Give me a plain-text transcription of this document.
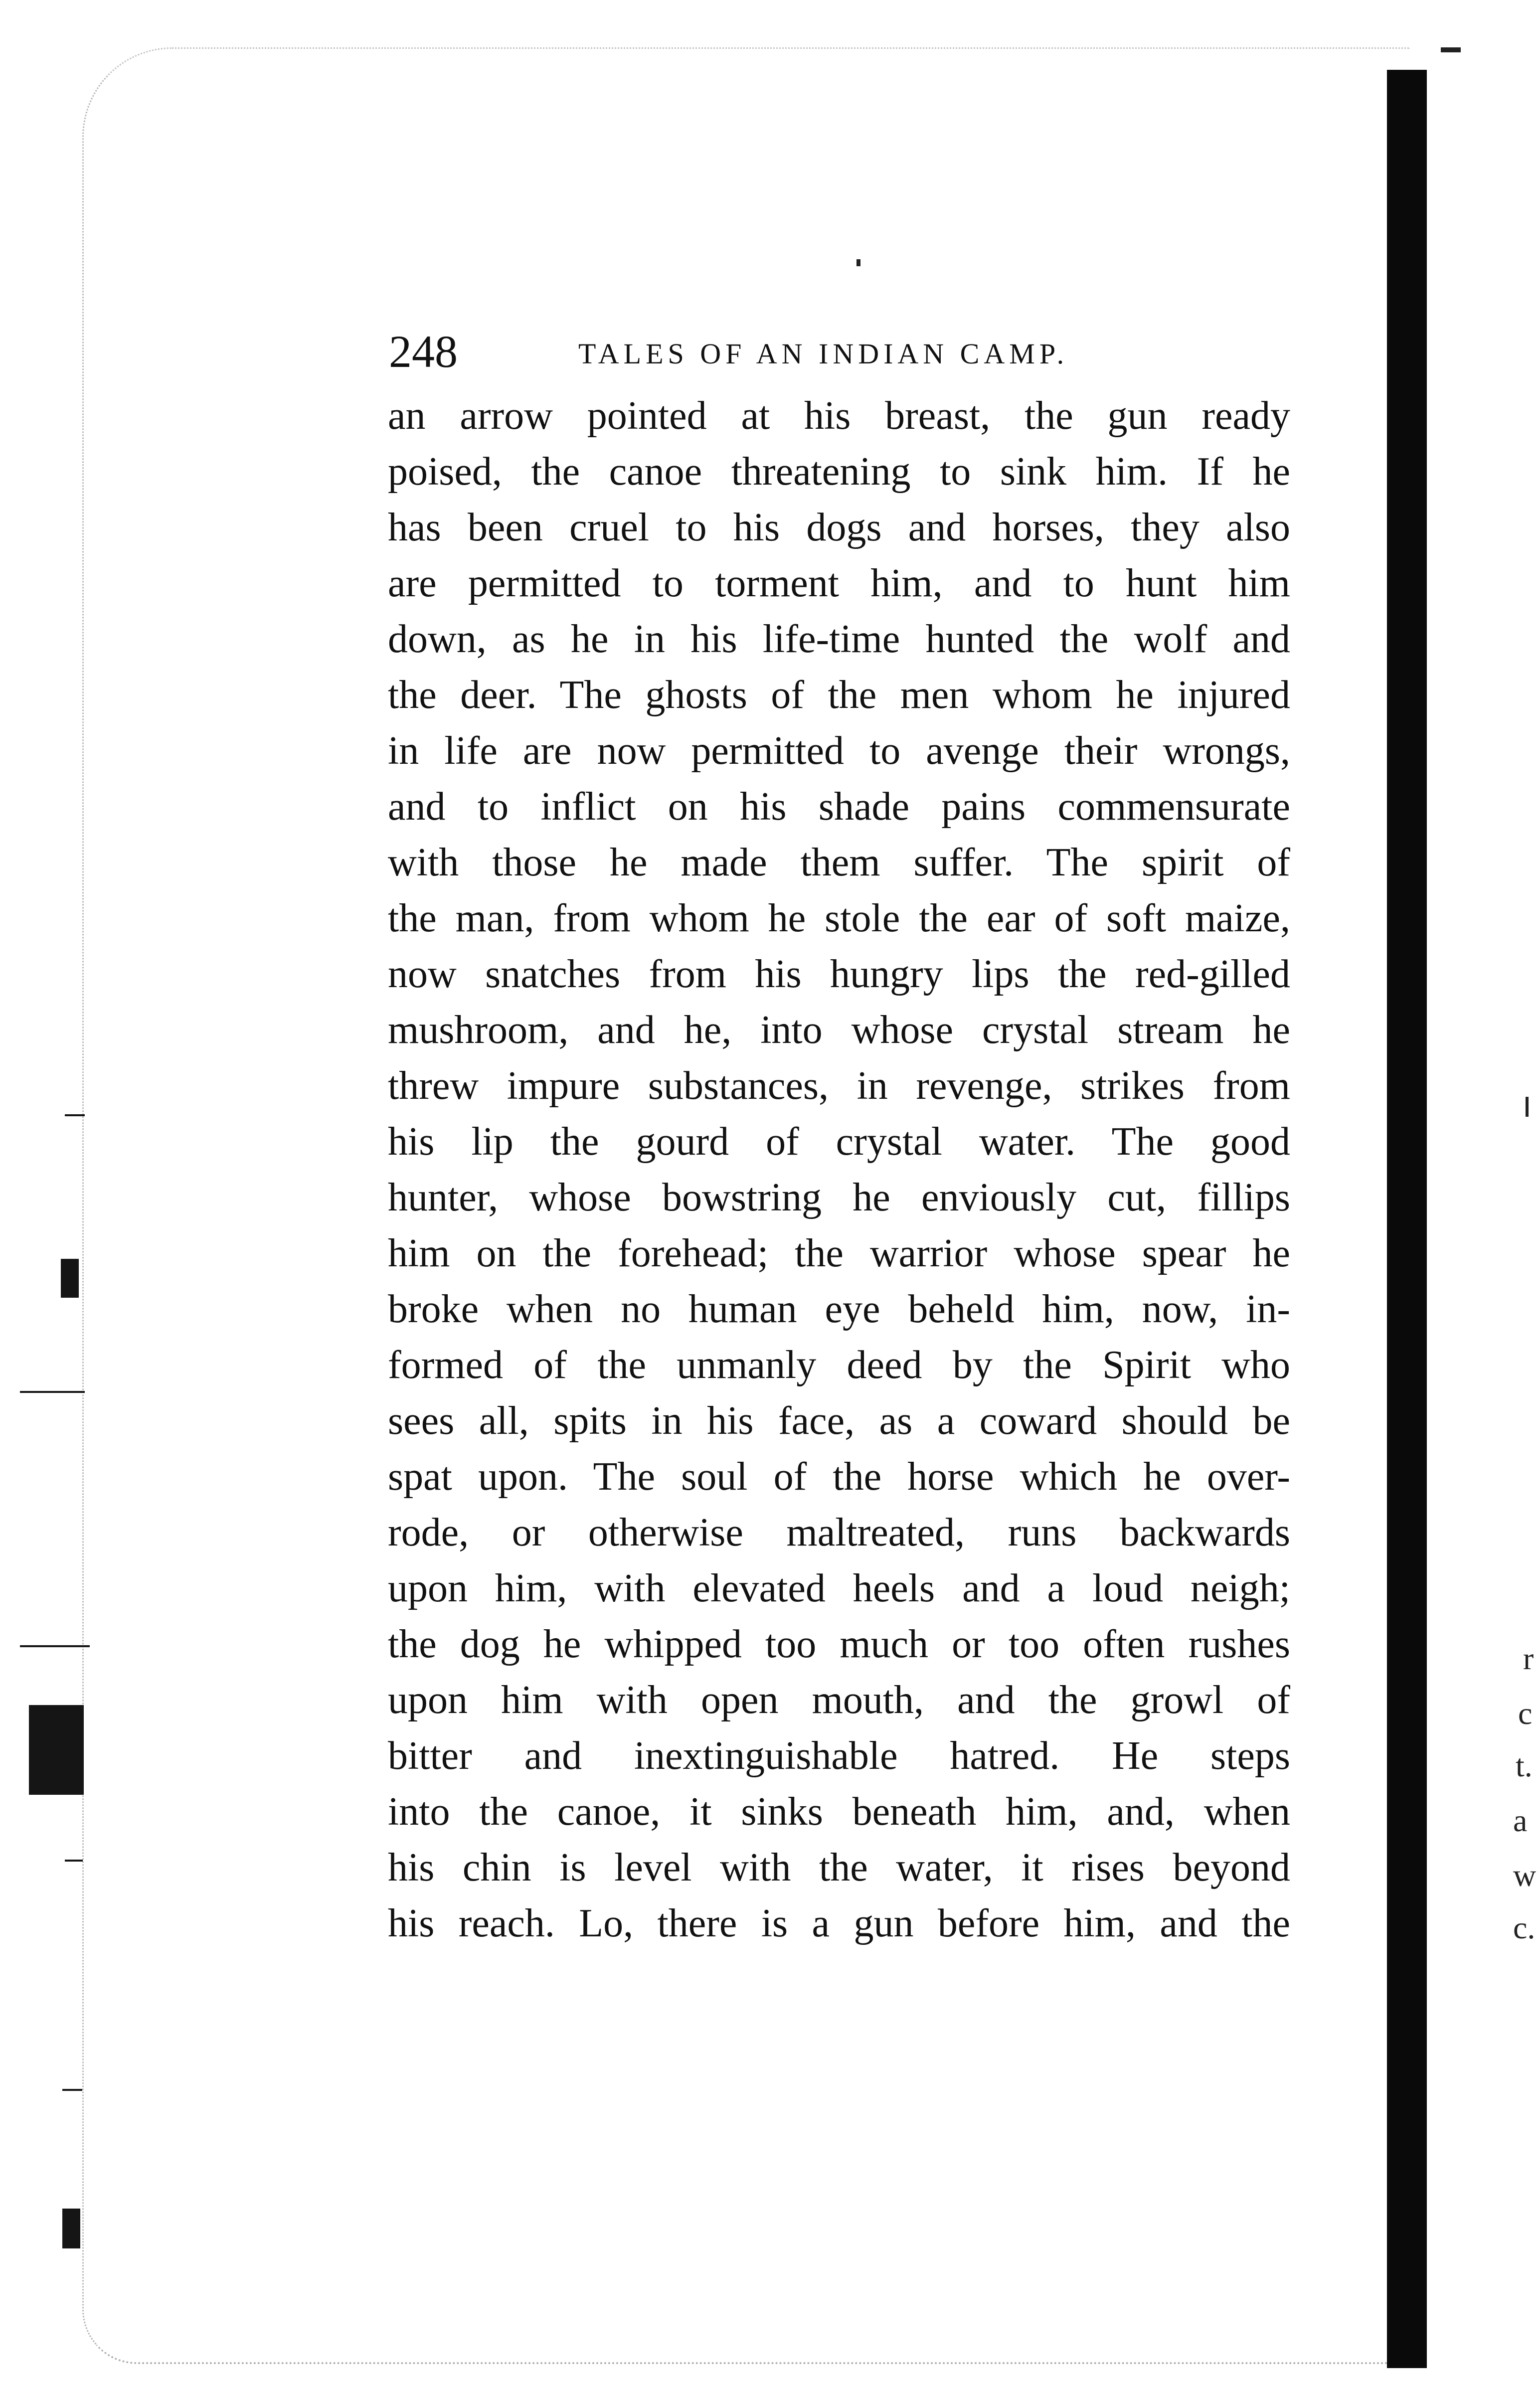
r
c
t.
a
w
c.
248	TALES OF AN INDIAN CAMP.
an arrow pointed at his breast, the gun ready
poised, the canoe threatening to sink him. If he
has been cruel to his dogs and horses, they also
are permitted to torment him, and to hunt him
down, as he in his life-time hunted the wolf and
the deer. The ghosts of the men whom he injured
in life are now permitted to avenge their wrongs,
and to inflict on his shade pains commensurate
with those he made them suffer. The spirit of
the man, from whom he stole the ear of soft maize,
now snatches from his hungry lips the red-gilled
mushroom, and he, into whose crystal stream he
threw impure substances, in revenge, strikes from
his lip the gourd of crystal water. The good
hunter, whose bowstring he enviously cut, fillips
him on the forehead; the warrior whose spear he
broke when no human eye beheld him, now, in-
formed of the unmanly deed by the Spirit who
sees all, spits in his face, as a coward should be
spat upon. The soul of the horse which he over-
rode, or otherwise maltreated, runs backwards
upon him, with elevated heels and a loud neigh;
the dog he whipped too much or too often rushes
upon him with open mouth, and the growl of
bitter and inextinguishable hatred. He steps
into the canoe, it sinks beneath him, and, when
his chin is level with the water, it rises beyond
his reach. Lo, there is a gun before him, and the
